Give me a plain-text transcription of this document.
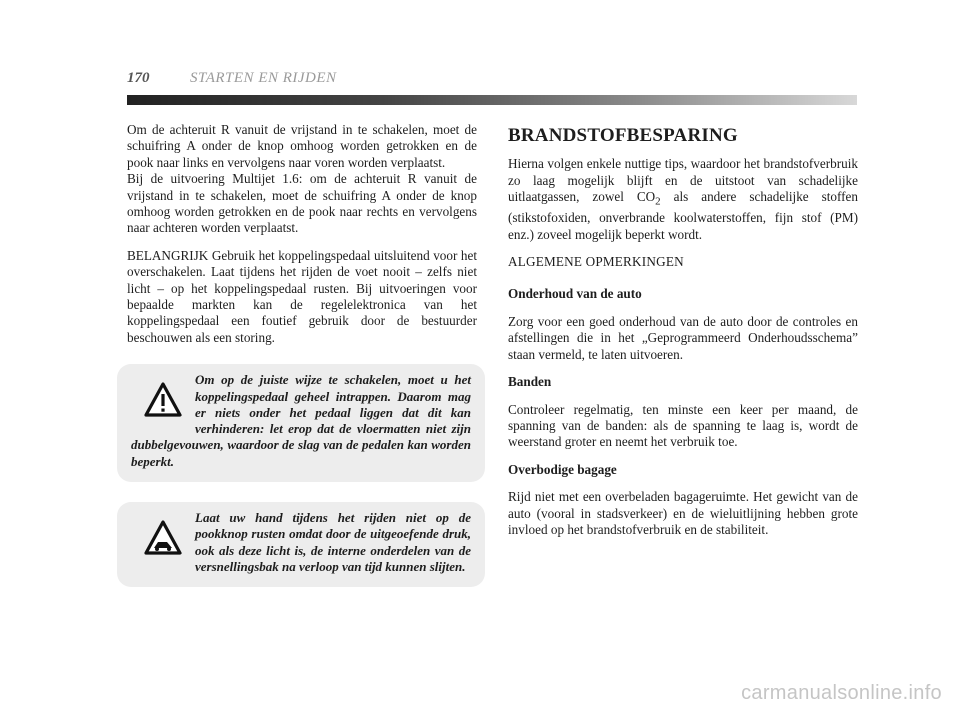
170	STARTEN EN RIJDEN

Om de achteruit R vanuit de vrijstand in te schakelen, moet de schuifring A onder de knop omhoog worden getrokken en de pook naar links en vervolgens naar voren worden verplaatst.

Bij de uitvoering Multijet 1.6: om de achteruit R vanuit de vrijstand in te schakelen, moet de schuifring A onder de knop omhoog worden getrokken en de pook naar rechts en vervolgens naar achteren worden verplaatst.

BELANGRIJK Gebruik het koppelingspedaal uitsluitend voor het overschakelen. Laat tijdens het rijden de voet nooit – zelfs niet licht – op het koppelingspedaal rusten. Bij uitvoeringen voor bepaalde markten kan de regelelektronica van het koppelingspedaal een foutief gebruik door de bestuurder beschouwen als een storing.

Om op de juiste wijze te schakelen, moet u het koppelingspedaal geheel intrappen. Daarom mag er niets onder het pedaal liggen dat dit kan verhinderen: let erop dat de vloermatten niet zijn dubbelgevouwen, waardoor de slag van de pedalen kan worden beperkt.
Laat uw hand tijdens het rijden niet op de pookknop rusten omdat door de uitgeoefende druk, ook als deze licht is, de interne onderdelen van de versnellingsbak na verloop van tijd kunnen slijten.
BRANDSTOFBESPARING

Hierna volgen enkele nuttige tips, waardoor het brandstofverbruik zo laag mogelijk blijft en de uitstoot van schadelijke uitlaatgassen, zowel $CO_2$ als andere schadelijke stoffen (stikstofoxiden, onverbrande koolwaterstoffen, fijn stof (PM) enz.) zoveel mogelijk beperkt wordt.

ALGEMENE OPMERKINGEN

Onderhoud van de auto

Zorg voor een goed onderhoud van de auto door de controles en afstellingen die in het „Geprogrammeerd Onderhoudsschema” staan vermeld, te laten uitvoeren.

Banden

Controleer regelmatig, ten minste een keer per maand, de spanning van de banden: als de spanning te laag is, wordt de weerstand groter en neemt het verbruik toe.

Overbodige bagage

Rijd niet met een overbeladen bagageruimte. Het gewicht van de auto (vooral in stadsverkeer) en de wieluitlijning hebben grote invloed op het brandstofverbruik en de stabiliteit.

carmanualsonline.info
